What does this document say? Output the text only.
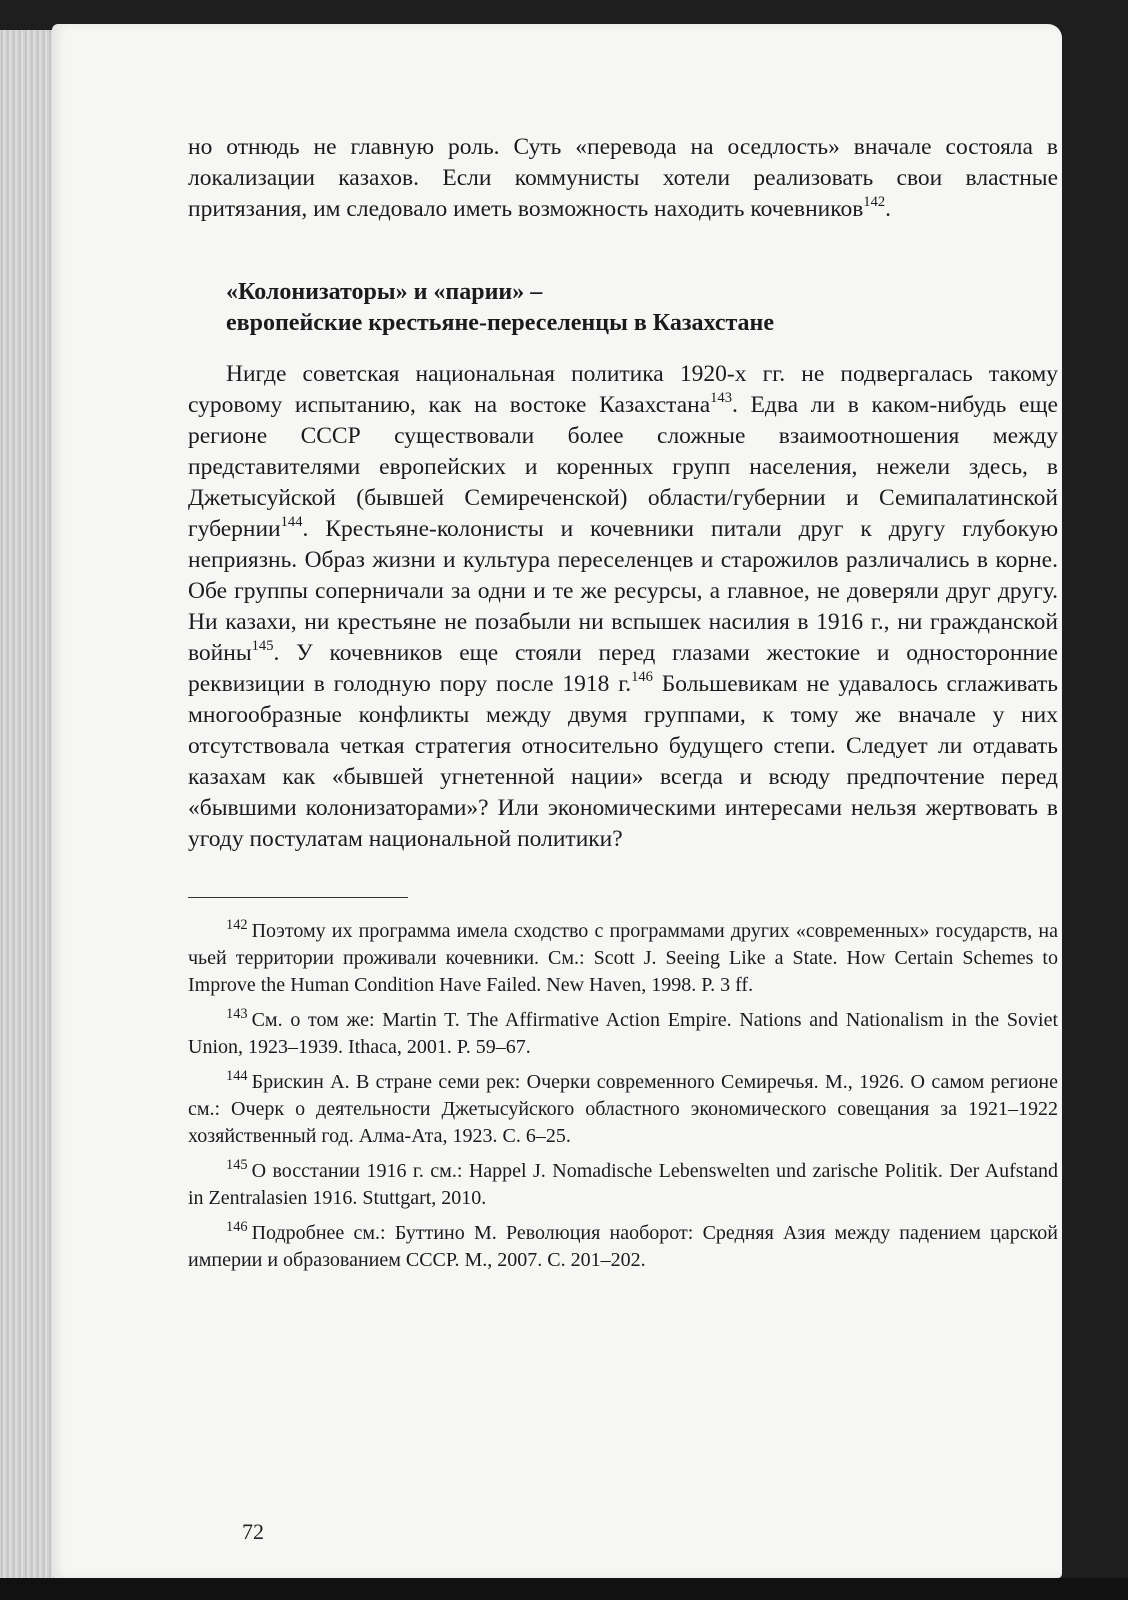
но отнюдь не главную роль. Суть «перевода на оседлость» вначале состояла в локализации казахов. Если коммунисты хотели реализовать свои властные притязания, им следовало иметь возможность находить кочевников$^{142}$.

«Колонизаторы» и «парии» –
европейские крестьяне-переселенцы в Казахстане

Нигде советская национальная политика 1920-х гг. не подвергалась такому суровому испытанию, как на востоке Казахстана$^{143}$. Едва ли в каком-нибудь еще регионе СССР существовали более сложные взаимоотношения между представителями европейских и коренных групп населения, нежели здесь, в Джетысуйской (бывшей Семиреченской) области/губернии и Семипалатинской губернии$^{144}$. Крестьяне-колонисты и кочевники питали друг к другу глубокую неприязнь. Образ жизни и культура переселенцев и старожилов различались в корне. Обе группы соперничали за одни и те же ресурсы, а главное, не доверяли друг другу. Ни казахи, ни крестьяне не позабыли ни вспышек насилия в 1916 г., ни гражданской войны$^{145}$. У кочевников еще стояли перед глазами жестокие и односторонние реквизиции в голодную пору после 1918 г.$^{146}$ Большевикам не удавалось сглаживать многообразные конфликты между двумя группами, к тому же вначале у них отсутствовала четкая стратегия относительно будущего степи. Следует ли отдавать казахам как «бывшей угнетенной нации» всегда и всюду предпочтение перед «бывшими колонизаторами»? Или экономическими интересами нельзя жертвовать в угоду постулатам национальной политики?

$^{142}$ Поэтому их программа имела сходство с программами других «современных» государств, на чьей территории проживали кочевники. См.: Scott J. Seeing Like a State. How Certain Schemes to Improve the Human Condition Have Failed. New Haven, 1998. P. 3 ff.

$^{143}$ См. о том же: Martin T. The Affirmative Action Empire. Nations and Nationalism in the Soviet Union, 1923–1939. Ithaca, 2001. P. 59–67.

$^{144}$ Брискин А. В стране семи рек: Очерки современного Семиречья. М., 1926. О самом регионе см.: Очерк о деятельности Джетысуйского областного экономического совещания за 1921–1922 хозяйственный год. Алма-Ата, 1923. С. 6–25.

$^{145}$ О восстании 1916 г. см.: Happel J. Nomadische Lebenswelten und zarische Politik. Der Aufstand in Zentralasien 1916. Stuttgart, 2010.

$^{146}$ Подробнее см.: Буттино М. Революция наоборот: Средняя Азия между падением царской империи и образованием СССР. М., 2007. С. 201–202.

72
